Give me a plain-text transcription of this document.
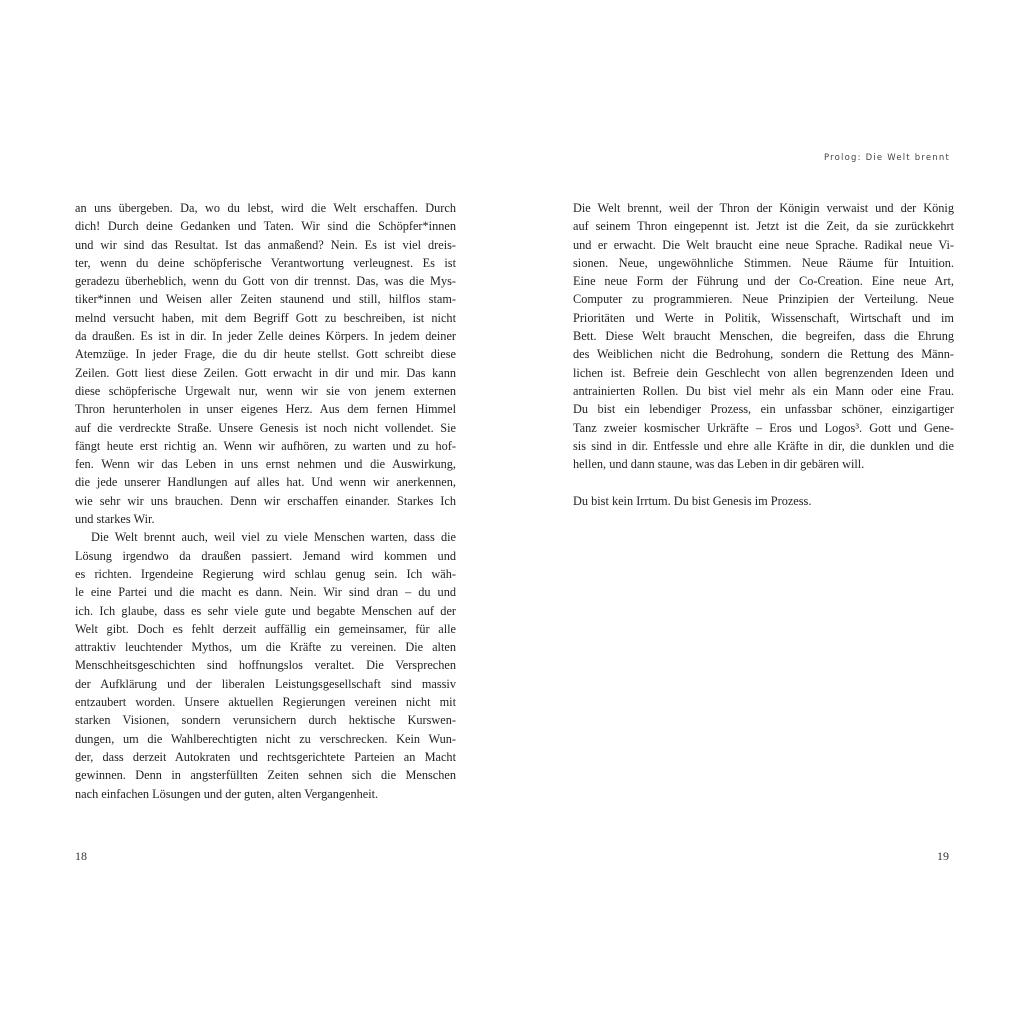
an uns übergeben. Da, wo du lebst, wird die Welt erschaffen. Durch
dich! Durch deine Gedanken und Taten. Wir sind die Schöpfer*innen
und wir sind das Resultat. Ist das anmaßend? Nein. Es ist viel dreis-
ter, wenn du deine schöpferische Verantwortung verleugnest. Es ist
geradezu überheblich, wenn du Gott von dir trennst. Das, was die Mys-
tiker*innen und Weisen aller Zeiten staunend und still, hilflos stam-
melnd versucht haben, mit dem Begriff Gott zu beschreiben, ist nicht
da draußen. Es ist in dir. In jeder Zelle deines Körpers. In jedem deiner
Atemzüge. In jeder Frage, die du dir heute stellst. Gott schreibt diese
Zeilen. Gott liest diese Zeilen. Gott erwacht in dir und mir. Das kann
diese schöpferische Urgewalt nur, wenn wir sie von jenem externen
Thron herunterholen in unser eigenes Herz. Aus dem fernen Himmel
auf die verdreckte Straße. Unsere Genesis ist noch nicht vollendet. Sie
fängt heute erst richtig an. Wenn wir aufhören, zu warten und zu hof-
fen. Wenn wir das Leben in uns ernst nehmen und die Auswirkung,
die jede unserer Handlungen auf alles hat. Und wenn wir anerkennen,
wie sehr wir uns brauchen. Denn wir erschaffen einander. Starkes Ich
und starkes Wir.
Die Welt brennt auch, weil viel zu viele Menschen warten, dass die
Lösung irgendwo da draußen passiert. Jemand wird kommen und
es richten. Irgendeine Regierung wird schlau genug sein. Ich wäh-
le eine Partei und die macht es dann. Nein. Wir sind dran – du und
ich. Ich glaube, dass es sehr viele gute und begabte Menschen auf der
Welt gibt. Doch es fehlt derzeit auffällig ein gemeinsamer, für alle
attraktiv leuchtender Mythos, um die Kräfte zu vereinen. Die alten
Menschheitsgeschichten sind hoffnungslos veraltet. Die Versprechen
der Aufklärung und der liberalen Leistungsgesellschaft sind massiv
entzaubert worden. Unsere aktuellen Regierungen vereinen nicht mit
starken Visionen, sondern verunsichern durch hektische Kurswen-
dungen, um die Wahlberechtigten nicht zu verschrecken. Kein Wun-
der, dass derzeit Autokraten und rechtsgerichtete Parteien an Macht
gewinnen. Denn in angsterfüllten Zeiten sehnen sich die Menschen
nach einfachen Lösungen und der guten, alten Vergangenheit.
18
Prolog: Die Welt brennt
Die Welt brennt, weil der Thron der Königin verwaist und der König
auf seinem Thron eingepennt ist. Jetzt ist die Zeit, da sie zurückkehrt
und er erwacht. Die Welt braucht eine neue Sprache. Radikal neue Vi-
sionen. Neue, ungewöhnliche Stimmen. Neue Räume für Intuition.
Eine neue Form der Führung und der Co-Creation. Eine neue Art,
Computer zu programmieren. Neue Prinzipien der Verteilung. Neue
Prioritäten und Werte in Politik, Wissenschaft, Wirtschaft und im
Bett. Diese Welt braucht Menschen, die begreifen, dass die Ehrung
des Weiblichen nicht die Bedrohung, sondern die Rettung des Männ-
lichen ist. Befreie dein Geschlecht von allen begrenzenden Ideen und
antrainierten Rollen. Du bist viel mehr als ein Mann oder eine Frau.
Du bist ein lebendiger Prozess, ein unfassbar schöner, einzigartiger
Tanz zweier kosmischer Urkräfte – Eros und Logos³. Gott und Gene-
sis sind in dir. Entfessle und ehre alle Kräfte in dir, die dunklen und die
hellen, und dann staune, was das Leben in dir gebären will.
Du bist kein Irrtum. Du bist Genesis im Prozess.
19
